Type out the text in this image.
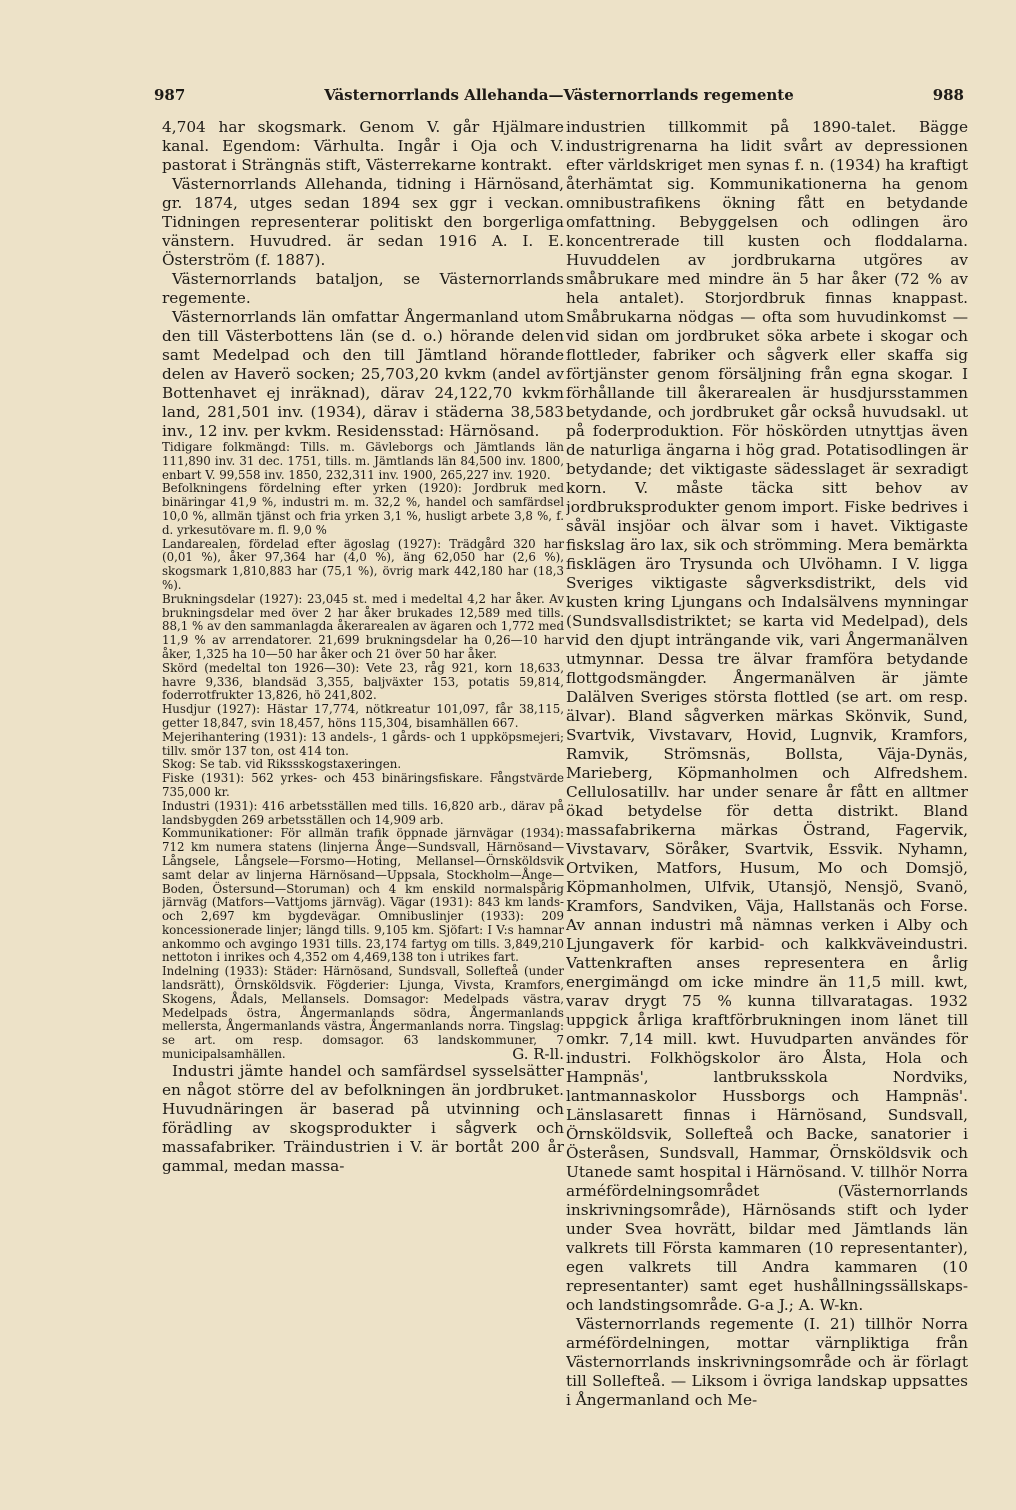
987	Västernorrlands Allehanda—Västernorrlands regemente	988

4,704 har skogsmark. Genom V. går Hjälmare kanal. Egendom: Värhulta. Ingår i Oja och V. pastorat i Strängnäs stift, Västerrekarne kontrakt.

Västernorrlands Allehanda, tidning i Härnösand, gr. 1874, utges sedan 1894 sex ggr i veckan. Tidningen representerar politiskt den borgerliga vänstern. Huvudred. är sedan 1916 A. I. E. Österström (f. 1887).

Västernorrlands bataljon, se Västernorrlands regemente.

Västernorrlands län omfattar Ångermanland utom den till Västerbottens län (se d. o.) hörande delen samt Medelpad och den till Jämtland hörande delen av Haverö socken; 25,703,20 kvkm (andel av Bottenhavet ej inräknad), därav 24,122,70 kvkm land, 281,501 inv. (1934), därav i städerna 38,583 inv., 12 inv. per kvkm. Residensstad: Härnösand.

Tidigare folkmängd: Tills. m. Gävleborgs och Jämtlands län 111,890 inv. 31 dec. 1751, tills. m. Jämtlands län 84,500 inv. 1800, enbart V. 99,558 inv. 1850, 232,311 inv. 1900, 265,227 inv. 1920.

Befolkningens fördelning efter yrken (1920): Jordbruk med binäringar 41,9 %, industri m. m. 32,2 %, handel och samfärdsel 10,0 %, allmän tjänst och fria yrken 3,1 %, husligt arbete 3,8 %, f. d. yrkesutövare m. fl. 9,0 %

Landarealen, fördelad efter ägoslag (1927): Trädgård 320 har (0,01 %), åker 97,364 har (4,0 %), äng 62,050 har (2,6 %), skogsmark 1,810,883 har (75,1 %), övrig mark 442,180 har (18,3 %).

Brukningsdelar (1927): 23,045 st. med i medeltal 4,2 har åker. Av brukningsdelar med över 2 har åker brukades 12,589 med tills. 88,1 % av den sammanlagda åkerarealen av ägaren och 1,772 med 11,9 % av arrendatorer. 21,699 brukningsdelar ha 0,26—10 har åker, 1,325 ha 10—50 har åker och 21 över 50 har åker.

Skörd (medeltal ton 1926—30): Vete 23, råg 921, korn 18,633, havre 9,336, blandsäd 3,355, baljväxter 153, potatis 59,814, foderrotfrukter 13,826, hö 241,802.

Husdjur (1927): Hästar 17,774, nötkreatur 101,097, får 38,115, getter 18,847, svin 18,457, höns 115,304, bisamhällen 667.

Mejerihantering (1931): 13 andels-, 1 gårds- och 1 uppköpsmejeri; tillv. smör 137 ton, ost 414 ton.

Skog: Se tab. vid Rikssskogstaxeringen.

Fiske (1931): 562 yrkes- och 453 binäringsfiskare. Fångstvärde 735,000 kr.

Industri (1931): 416 arbetsställen med tills. 16,820 arb., därav på landsbygden 269 arbetsställen och 14,909 arb.

Kommunikationer: För allmän trafik öppnade järnvägar (1934): 712 km numera statens (linjerna Ånge—Sundsvall, Härnösand—Långsele, Långsele—Forsmo—Hoting, Mellansel—Örnsköldsvik samt delar av linjerna Härnösand—Uppsala, Stockholm—Ånge—Boden, Östersund—Storuman) och 4 km enskild normalspårig järnväg (Matfors—Vattjoms järnväg). Vägar (1931): 843 km lands- och 2,697 km bygdevägar. Omnibuslinjer (1933): 209 koncessionerade linjer; längd tills. 9,105 km. Sjöfart: I V:s hamnar ankommo och avgingo 1931 tills. 23,174 fartyg om tills. 3,849,210 nettoton i inrikes och 4,352 om 4,469,138 ton i utrikes fart.

Indelning (1933): Städer: Härnösand, Sundsvall, Sollefteå (under landsrätt), Örnsköldsvik. Fögderier: Ljunga, Vivsta, Kramfors, Skogens, Ådals, Mellansels. Domsagor: Medelpads västra, Medelpads östra, Ångermanlands södra, Ångermanlands mellersta, Ångermanlands västra, Ångermanlands norra. Tingslag: se art. om resp. domsagor. 63 landskommuner, 7 municipalsamhällen.	G. R-ll.

Industri jämte handel och samfärdsel sysselsätter en något större del av befolkningen än jordbruket. Huvudnäringen är baserad på utvinning och förädling av skogsprodukter i sågverk och massafabriker. Träindustrien i V. är bortåt 200 år gammal, medan massa-

industrien tillkommit på 1890-talet. Bägge industrigrenarna ha lidit svårt av depressionen efter världskriget men synas f. n. (1934) ha kraftigt återhämtat sig. Kommunikationerna ha genom omnibustrafikens ökning fått en betydande omfattning. Bebyggelsen och odlingen äro koncentrerade till kusten och floddalarna. Huvuddelen av jordbrukarna utgöres av småbrukare med mindre än 5 har åker (72 % av hela antalet). Storjordbruk finnas knappast. Småbrukarna nödgas — ofta som huvudinkomst — vid sidan om jordbruket söka arbete i skogar och flottleder, fabriker och sågverk eller skaffa sig förtjänster genom försäljning från egna skogar. I förhållande till åkerarealen är husdjursstammen betydande, och jordbruket går också huvudsakl. ut på foderproduktion. För höskörden utnyttjas även de naturliga ängarna i hög grad. Potatisodlingen är betydande; det viktigaste sädesslaget är sexradigt korn. V. måste täcka sitt behov av jordbruksprodukter genom import. Fiske bedrives i såväl insjöar och älvar som i havet. Viktigaste fiskslag äro lax, sik och strömming. Mera bemärkta fisklägen äro Trysunda och Ulvöhamn. I V. ligga Sveriges viktigaste sågverksdistrikt, dels vid kusten kring Ljungans och Indalsälvens mynningar (Sundsvallsdistriktet; se karta vid Medelpad), dels vid den djupt inträngande vik, vari Ångermanälven utmynnar. Dessa tre älvar framföra betydande flottgodsmängder. Ångermanälven är jämte Dalälven Sveriges största flottled (se art. om resp. älvar). Bland sågverken märkas Skönvik, Sund, Svartvik, Vivstavarv, Hovid, Lugnvik, Kramfors, Ramvik, Strömsnäs, Bollsta, Väja-Dynäs, Marieberg, Köpmanholmen och Alfredshem. Cellulosatillv. har under senare år fått en alltmer ökad betydelse för detta distrikt. Bland massafabrikerna märkas Östrand, Fagervik, Vivstavarv, Söråker, Svartvik, Essvik. Nyhamn, Ortviken, Matfors, Husum, Mo och Domsjö, Köpmanholmen, Ulfvik, Utansjö, Nensjö, Svanö, Kramfors, Sandviken, Väja, Hallstanäs och Forse. Av annan industri må nämnas verken i Alby och Ljungaverk för karbid- och kalkkväveindustri. Vattenkraften anses representera en årlig energimängd om icke mindre än 11,5 mill. kwt, varav drygt 75 % kunna tillvaratagas. 1932 uppgick årliga kraftförbrukningen inom länet till omkr. 7,14 mill. kwt. Huvudparten användes för industri. Folkhögskolor äro Ålsta, Hola och Hampnäs', lantbruksskola Nordviks, lantmannaskolor Hussborgs och Hampnäs'. Länslasarett finnas i Härnösand, Sundsvall, Örnsköldsvik, Sollefteå och Backe, sanatorier i Österåsen, Sundsvall, Hammar, Örnsköldsvik och Utanede samt hospital i Härnösand. V. tillhör Norra arméfördelningsområdet (Västernorrlands inskrivningsområde), Härnösands stift och lyder under Svea hovrätt, bildar med Jämtlands län valkrets till Första kammaren (10 representanter), egen valkrets till Andra kammaren (10 representanter) samt eget hushållningssällskaps- och landstingsområde. G-a J.; A. W-kn.

Västernorrlands regemente (I. 21) tillhör Norra arméfördelningen, mottar värnpliktiga från Västernorrlands inskrivningsområde och är förlagt till Sollefteå. — Liksom i övriga landskap uppsattes i Ångermanland och Me-
